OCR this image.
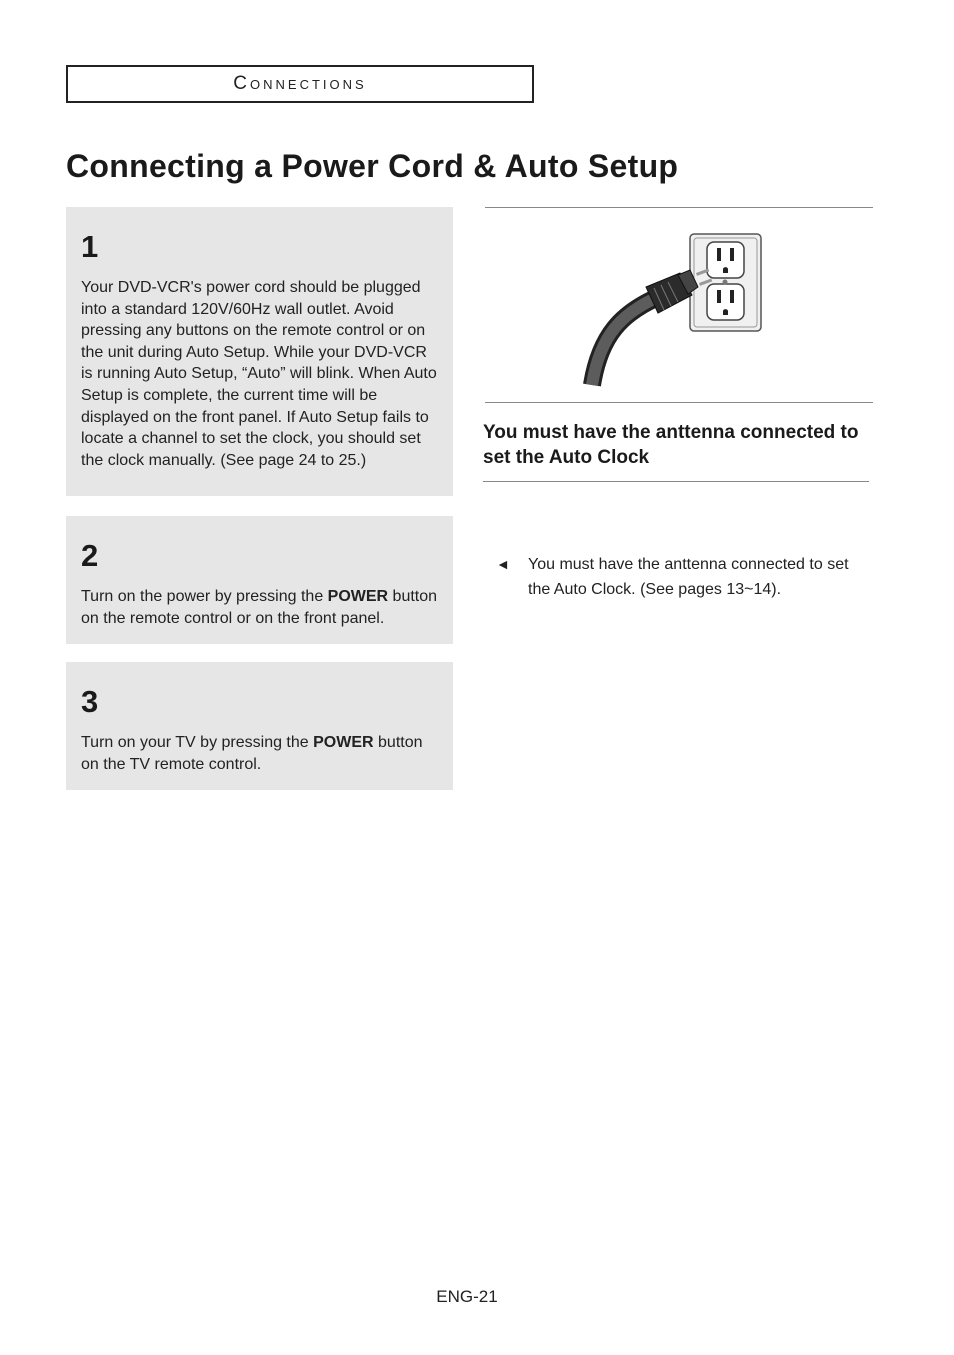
Connections
Connecting a Power Cord & Auto Setup
1

Your DVD-VCR's power cord should be plugged into a standard 120V/60Hz wall outlet. Avoid pressing any buttons on the remote control or on the unit during Auto Setup. While your DVD-VCR is running Auto Setup, “Auto” will blink. When Auto Setup is complete, the current time will be displayed on the front panel. If Auto Setup fails to locate a channel to set the clock, you should set the clock manually. (See page 24 to 25.)

2

Turn on the power by pressing the POWER button on the remote control or on the front panel.

3

Turn on your TV by pressing the POWER button on the TV remote control.

You must have the anttenna connected to set the Auto Clock
◄	You must have the anttenna connected to set the Auto Clock. (See pages 13~14).

ENG-21
